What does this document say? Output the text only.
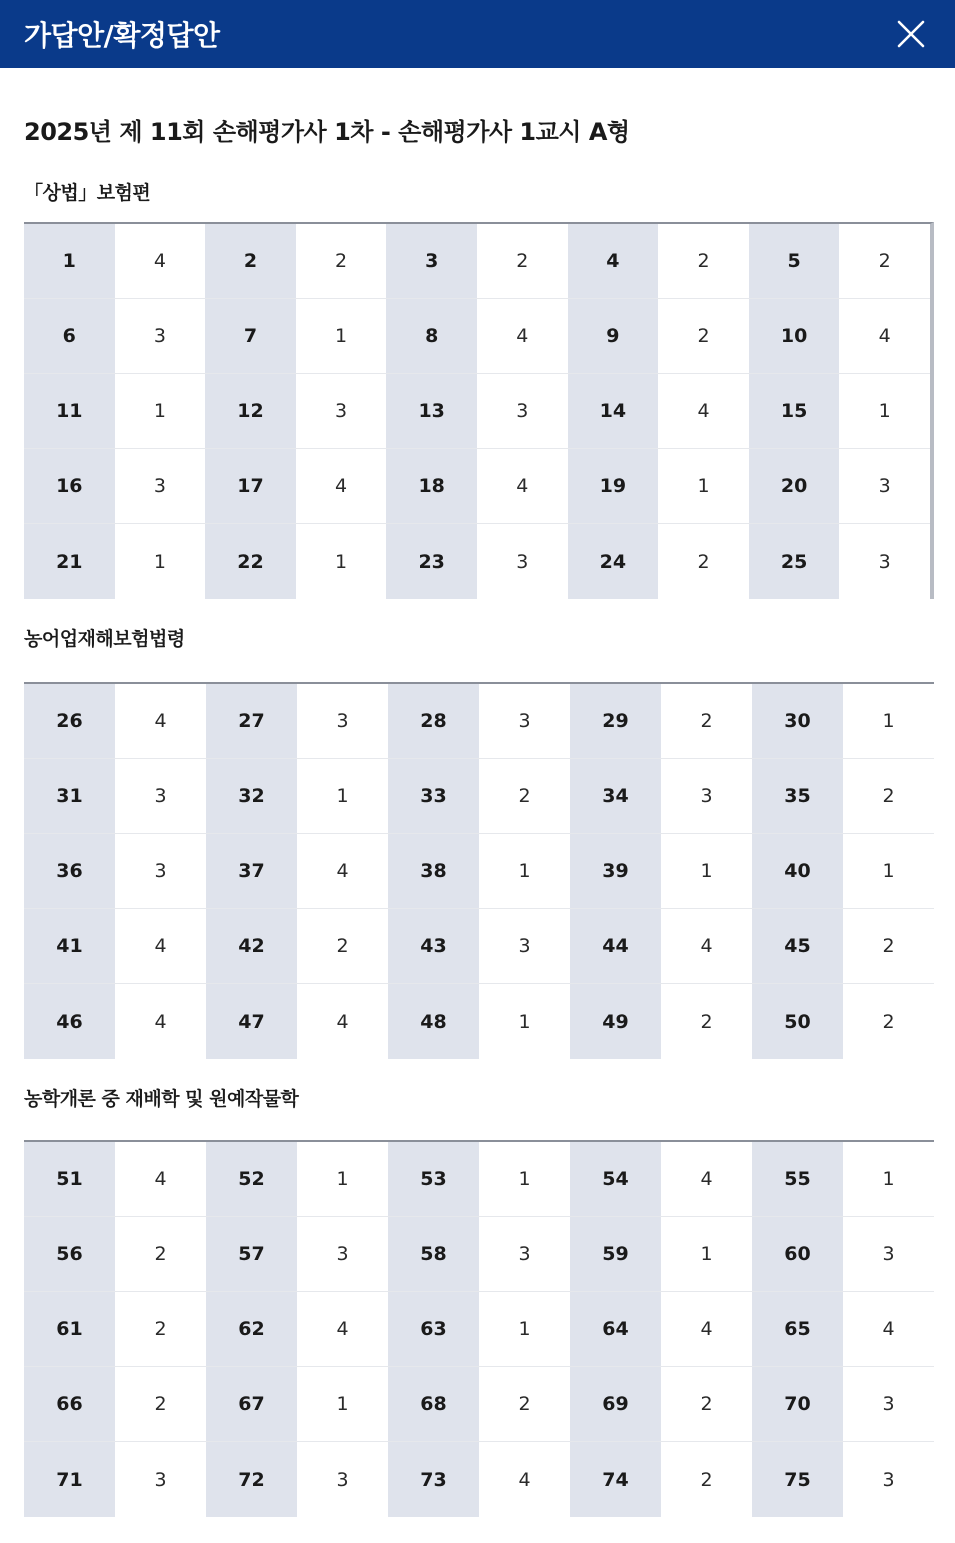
가답안/확정답안
2025년 제 11회 손해평가사 1차 - 손해평가사 1교시 A형
「상법」보험편
1	4	2	2	3	2	4	2	5	2
6	3	7	1	8	4	9	2	10	4
11	1	12	3	13	3	14	4	15	1
16	3	17	4	18	4	19	1	20	3
21	1	22	1	23	3	24	2	25	3
농어업재해보험법령
26	4	27	3	28	3	29	2	30	1
31	3	32	1	33	2	34	3	35	2
36	3	37	4	38	1	39	1	40	1
41	4	42	2	43	3	44	4	45	2
46	4	47	4	48	1	49	2	50	2
농학개론 중 재배학 및 원예작물학
51	4	52	1	53	1	54	4	55	1
56	2	57	3	58	3	59	1	60	3
61	2	62	4	63	1	64	4	65	4
66	2	67	1	68	2	69	2	70	3
71	3	72	3	73	4	74	2	75	3
